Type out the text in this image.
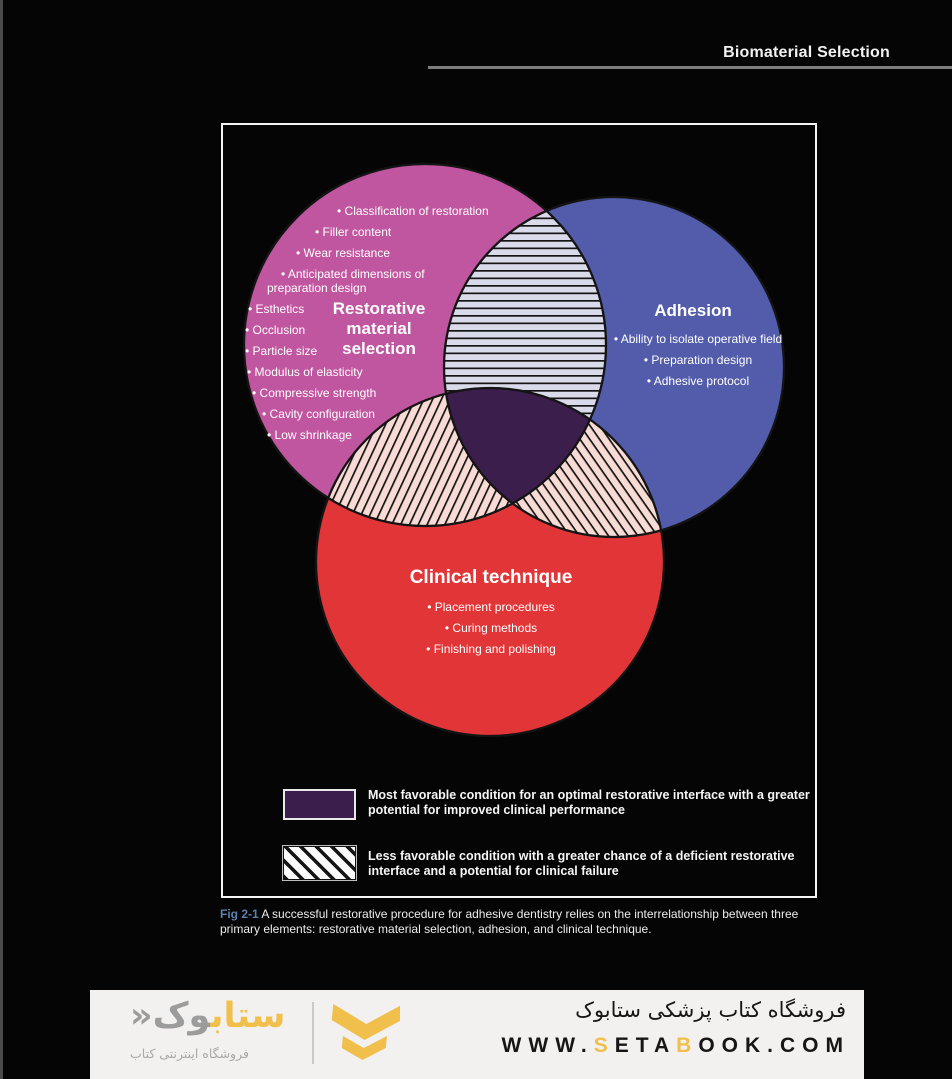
Biomaterial Selection
Restorative material selection
• Classification of restoration
• Filler content
• Wear resistance
• Anticipated dimensions of preparation design
• Esthetics
• Occlusion
• Particle size
• Modulus of elasticity
• Compressive strength
• Cavity configuration
• Low shrinkage
Adhesion
• Ability to isolate operative field
• Preparation design
• Adhesive protocol
Clinical technique
• Placement procedures
• Curing methods
• Finishing and polishing
Most favorable condition for an optimal restorative interface with a greater potential for improved clinical performance
Less favorable condition with a greater chance of a deficient restorative interface and a potential for clinical failure
Fig 2-1 A successful restorative procedure for adhesive dentistry relies on the interrelationship between three primary elements: restorative material selection, adhesion, and clinical technique.
ستابوک«
فروشگاه اینترنتی کتاب
فروشگاه کتاب پزشکی ستابوک
WWW.SETABOOK.COM
